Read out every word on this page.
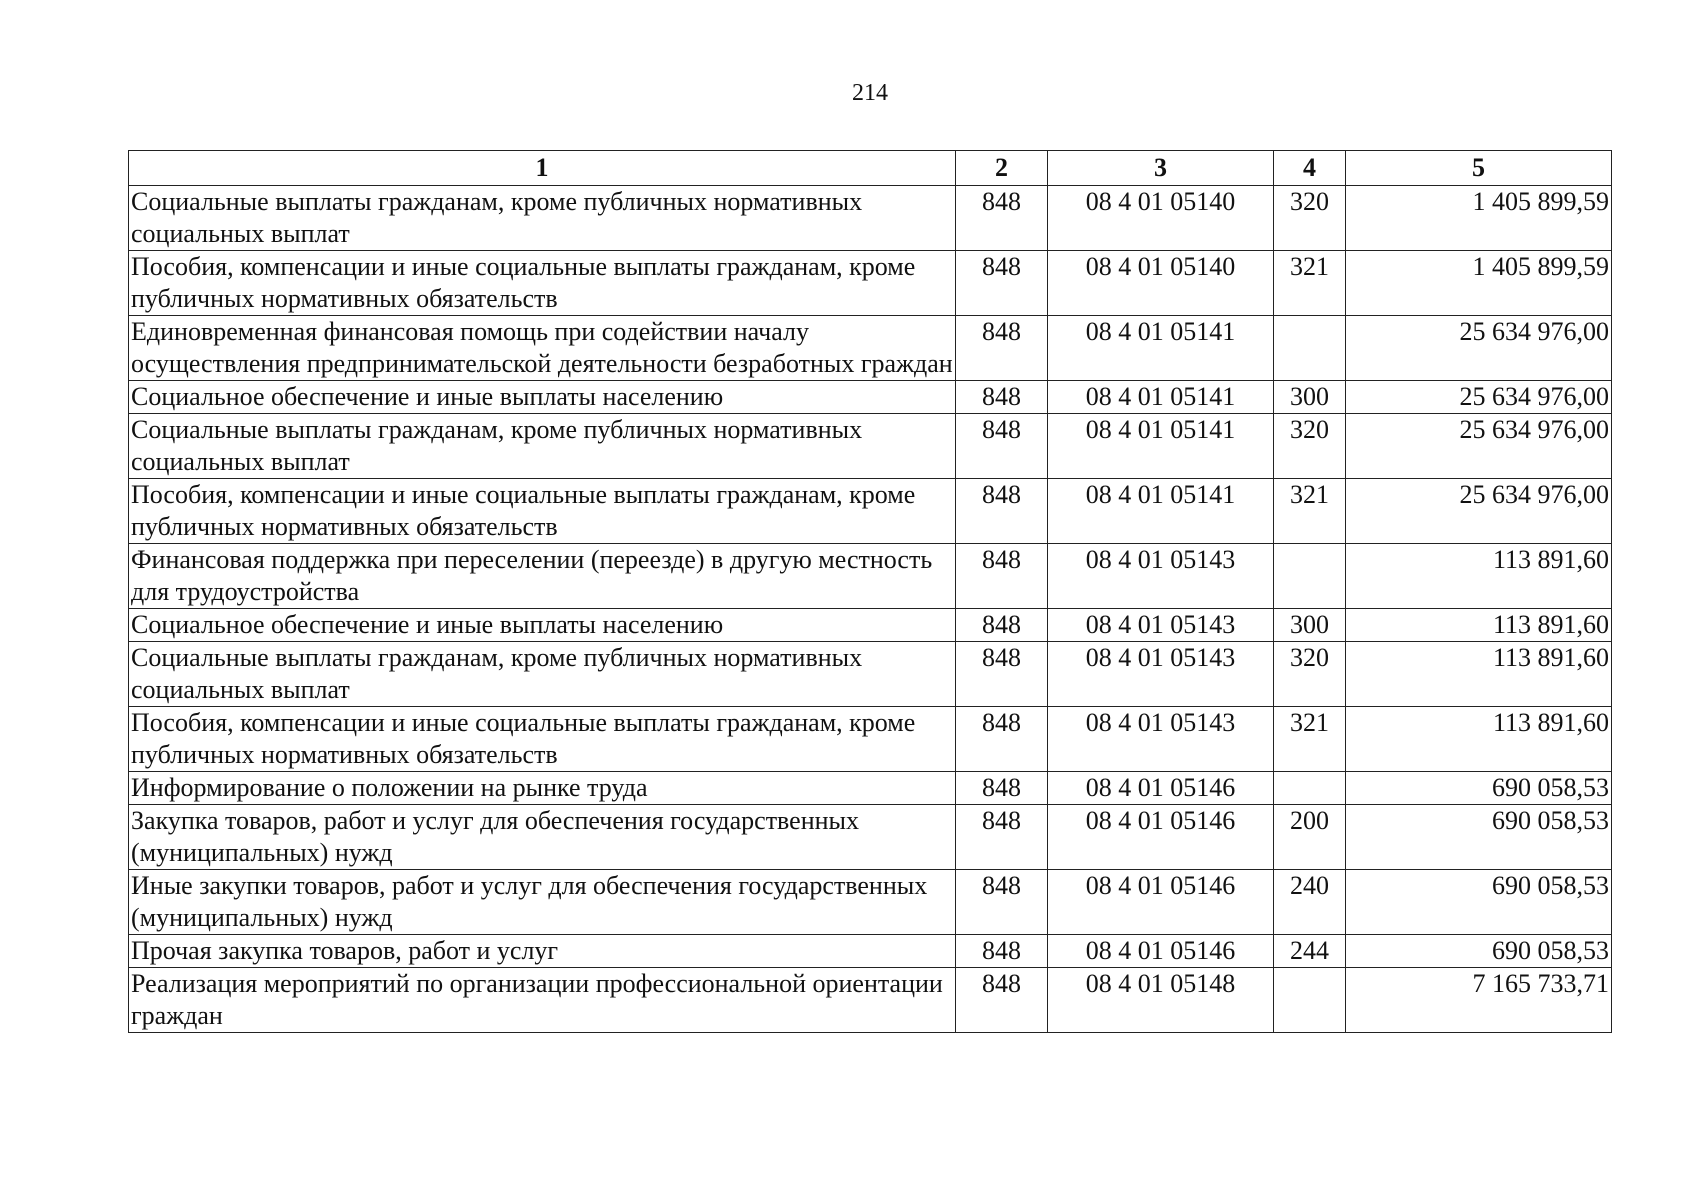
214
1	2	3	4	5
Социальные выплаты гражданам, кроме публичных нормативных социальных выплат	848	08 4 01 05140	320	1 405 899,59
Пособия, компенсации и иные социальные выплаты гражданам, кроме публичных нормативных обязательств	848	08 4 01 05140	321	1 405 899,59
Единовременная финансовая помощь при содействии началу осуществления предпринимательской деятельности безработных граждан	848	08 4 01 05141		25 634 976,00
Социальное обеспечение и иные выплаты населению	848	08 4 01 05141	300	25 634 976,00
Социальные выплаты гражданам, кроме публичных нормативных социальных выплат	848	08 4 01 05141	320	25 634 976,00
Пособия, компенсации и иные социальные выплаты гражданам, кроме публичных нормативных обязательств	848	08 4 01 05141	321	25 634 976,00
Финансовая поддержка при переселении (переезде) в другую местность для трудоустройства	848	08 4 01 05143		113 891,60
Социальное обеспечение и иные выплаты населению	848	08 4 01 05143	300	113 891,60
Социальные выплаты гражданам, кроме публичных нормативных социальных выплат	848	08 4 01 05143	320	113 891,60
Пособия, компенсации и иные социальные выплаты гражданам, кроме публичных нормативных обязательств	848	08 4 01 05143	321	113 891,60
Информирование о положении на рынке труда	848	08 4 01 05146		690 058,53
Закупка товаров, работ и услуг для обеспечения государственных (муниципальных) нужд	848	08 4 01 05146	200	690 058,53
Иные закупки товаров, работ и услуг для обеспечения государственных (муниципальных) нужд	848	08 4 01 05146	240	690 058,53
Прочая закупка товаров, работ и услуг	848	08 4 01 05146	244	690 058,53
Реализация мероприятий по организации профессиональной ориентации граждан	848	08 4 01 05148		7 165 733,71
